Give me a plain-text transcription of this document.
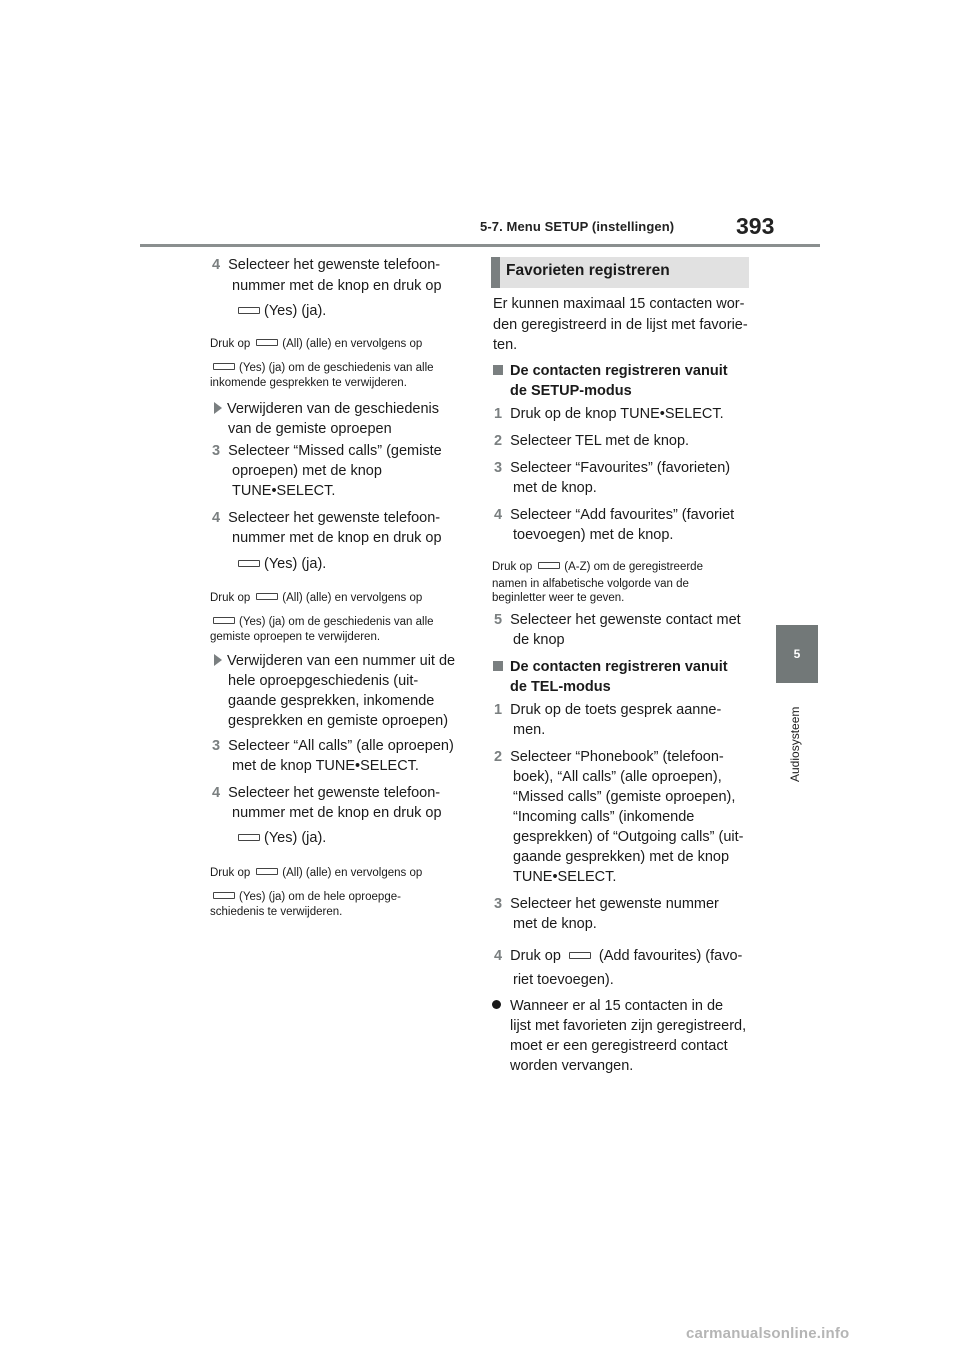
5-7. Menu SETUP (instellingen)	393
5
Audiosysteem
4 Selecteer het gewenste telefoon-
nummer met de knop en druk op
(Yes) (ja).
Druk op	(All) (alle) en vervolgens op
(Yes) (ja) om de geschiedenis van alle
inkomende gesprekken te verwijderen.
Verwijderen van de geschiedenis
van de gemiste oproepen
3 Selecteer “Missed calls” (gemiste
oproepen) met de knop
TUNE•SELECT.
4 Selecteer het gewenste telefoon-
nummer met de knop en druk op
(Yes) (ja).
Druk op	(All) (alle) en vervolgens op
(Yes) (ja) om de geschiedenis van alle
gemiste oproepen te verwijderen.
Verwijderen van een nummer uit de
hele oproepgeschiedenis (uit-
gaande gesprekken, inkomende
gesprekken en gemiste oproepen)
3 Selecteer “All calls” (alle oproepen)
met de knop TUNE•SELECT.
4 Selecteer het gewenste telefoon-
nummer met de knop en druk op
(Yes) (ja).
Druk op	(All) (alle) en vervolgens op
(Yes) (ja) om de hele oproepge-
schiedenis te verwijderen.
Favorieten registreren
Er kunnen maximaal 15 contacten wor-
den geregistreerd in de lijst met favorie-
ten.
De contacten registreren vanuit
de SETUP-modus
1 Druk op de knop TUNE•SELECT.
2 Selecteer TEL met de knop.
3 Selecteer “Favourites” (favorieten)
met de knop.
4 Selecteer “Add favourites” (favoriet
toevoegen) met de knop.
Druk op	(A-Z) om de geregistreerde
namen in alfabetische volgorde van de
beginletter weer te geven.
5 Selecteer het gewenste contact met
de knop
De contacten registreren vanuit
de TEL-modus
1 Druk op de toets gesprek aanne-
men.
2 Selecteer “Phonebook” (telefoon-
boek), “All calls” (alle oproepen),
“Missed calls” (gemiste oproepen),
“Incoming calls” (inkomende
gesprekken) of “Outgoing calls” (uit-
gaande gesprekken) met de knop
TUNE•SELECT.
3 Selecteer het gewenste nummer
met de knop.
4 Druk op	(Add favourites) (favo-
riet toevoegen).
Wanneer er al 15 contacten in de
lijst met favorieten zijn geregistreerd,
moet er een geregistreerd contact
worden vervangen.
carmanualsonline.info
